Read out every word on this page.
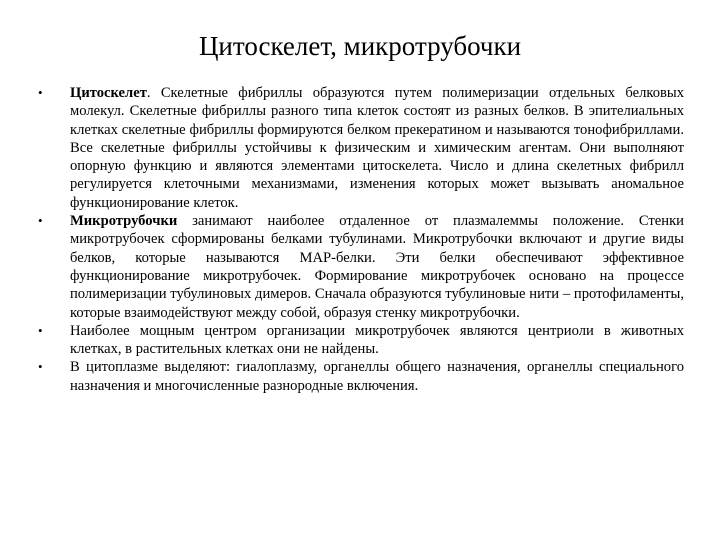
Цитоскелет, микротрубочки
•	Цитоскелет. Скелетные фибриллы образуются путем полимеризации отдельных белковых молекул. Скелетные фибриллы разного типа клеток состоят из разных белков. В эпителиальных клетках скелетные фибриллы формируются белком прекератином и называются тонофибриллами. Все скелетные фибриллы устойчивы к физическим и химическим агентам. Они выполняют опорную функцию и являются элементами цитоскелета. Число и длина скелетных фибрилл регулируется клеточными механизмами, изменения которых может вызывать аномальное функционирование клеток.
•	Микротрубочки занимают наиболее отдаленное от плазмалеммы положение. Стенки микротрубочек сформированы белками тубулинами. Микротрубочки включают и другие виды белков, которые называются МАР-белки. Эти белки обеспечивают эффективное функционирование микротрубочек. Формирование микротрубочек основано на процессе полимеризации тубулиновых димеров. Сначала образуются тубулиновые нити – протофиламенты, которые взаимодействуют между собой, образуя стенку микротрубочки.
•	Наиболее мощным центром организации микротрубочек являются центриоли в животных клетках, в растительных клетках они не найдены.
•	В цитоплазме выделяют: гиалоплазму, органеллы общего назначения, органеллы специального назначения и многочисленные разнородные включения.
